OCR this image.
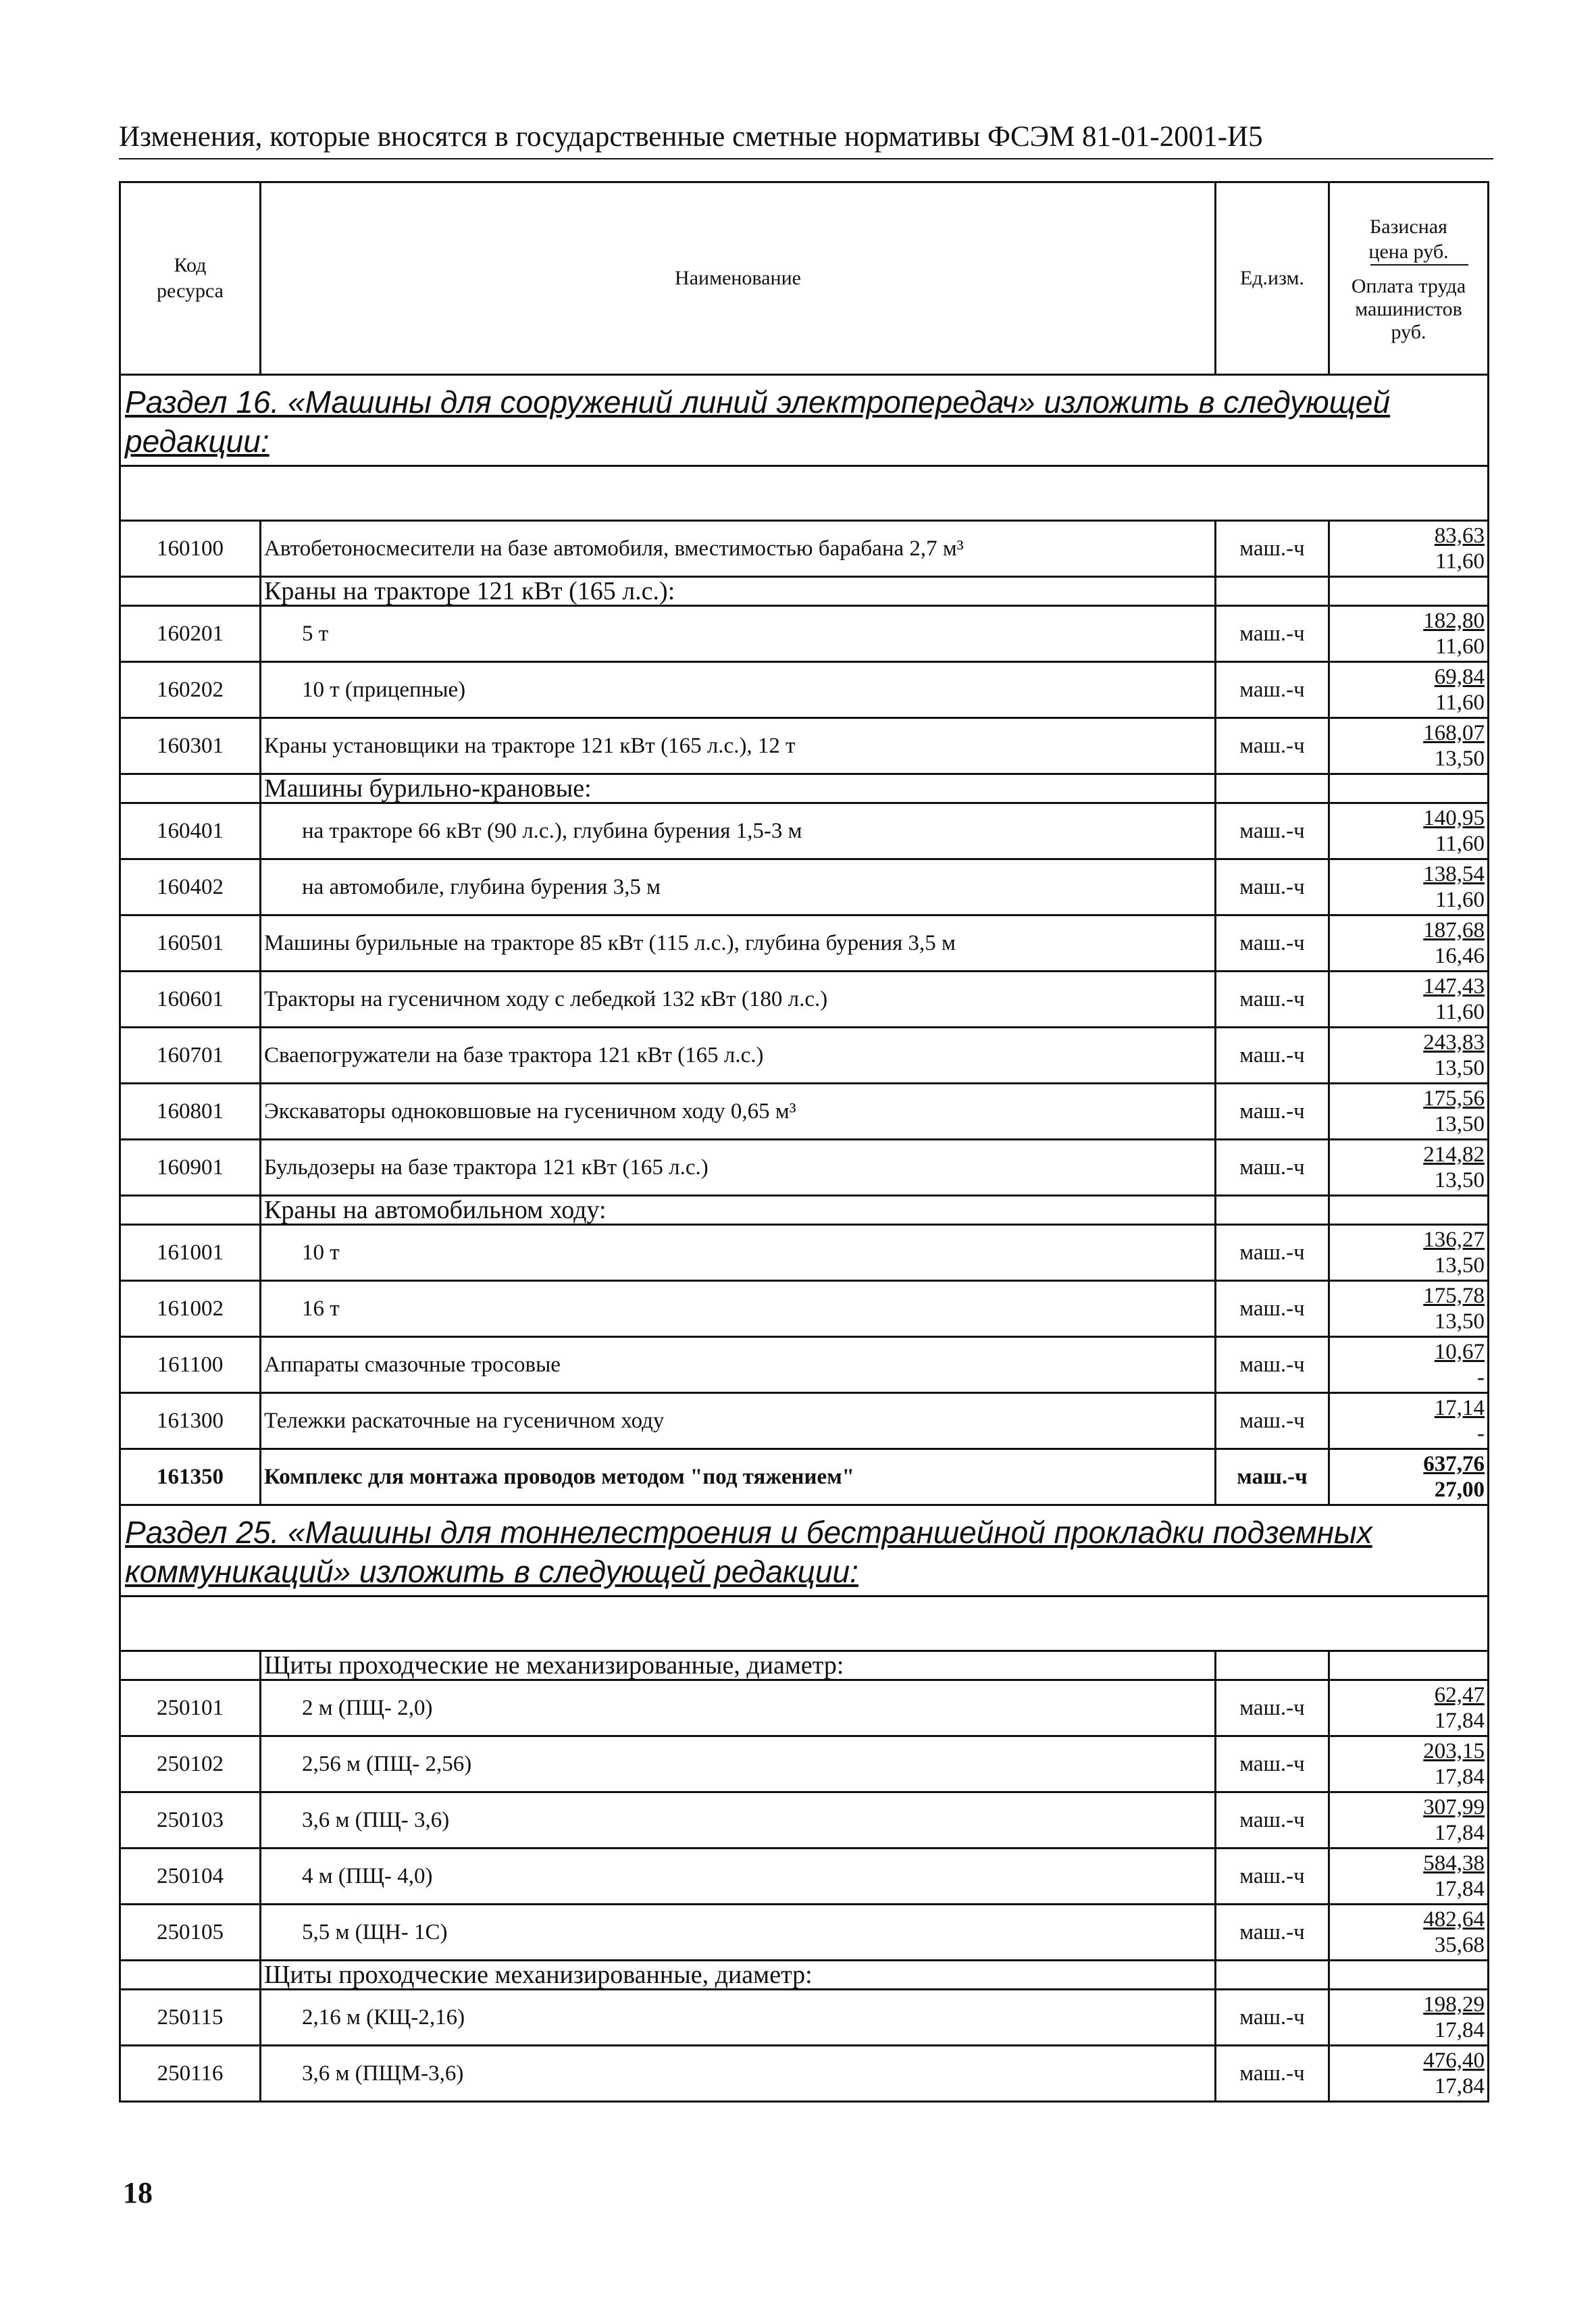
Изменения, которые вносятся в государственные сметные нормативы ФСЭМ 81-01-2001-И5
Код ресурса	Наименование	Ед.изм.	Базисная цена руб.
Оплата труда машинистов руб.

Раздел 16. «Машины для сооружений линий электропередач» изложить в следующей редакции:			

160100	Автобетоносмесители на базе автомобиля, вместимостью барабана 2,7 м³	маш.-ч	83,63
11,60

	Краны на тракторе 121 кВт (165 л.с.):		
160201	5 т	маш.-ч	182,80
11,60

160202	10 т (прицепные)	маш.-ч	69,84
11,60

160301	Краны установщики на тракторе 121 кВт (165 л.с.), 12 т	маш.-ч	168,07
13,50

	Машины бурильно-крановые:		
160401	на тракторе 66 кВт (90 л.с.), глубина бурения 1,5-3 м	маш.-ч	140,95
11,60

160402	на автомобиле, глубина бурения 3,5 м	маш.-ч	138,54
11,60

160501	Машины бурильные на тракторе 85 кВт (115 л.с.), глубина бурения 3,5 м	маш.-ч	187,68
16,46

160601	Тракторы на гусеничном ходу с лебедкой 132 кВт (180 л.с.)	маш.-ч	147,43
11,60

160701	Сваепогружатели на базе трактора 121 кВт (165 л.с.)	маш.-ч	243,83
13,50

160801	Экскаваторы одноковшовые на гусеничном ходу 0,65 м³	маш.-ч	175,56
13,50

160901	Бульдозеры на базе трактора 121 кВт (165 л.с.)	маш.-ч	214,82
13,50

	Краны на автомобильном ходу:		
161001	10 т	маш.-ч	136,27
13,50

161002	16 т	маш.-ч	175,78
13,50

161100	Аппараты смазочные тросовые	маш.-ч	10,67
-

161300	Тележки раскаточные на гусеничном ходу	маш.-ч	17,14
-

161350	Комплекс для монтажа проводов методом "под тяжением"	маш.-ч	637,76
27,00

Раздел 25. «Машины для тоннелестроения и бестраншейной прокладки подземных коммуникаций» изложить в следующей редакции:			

	Щиты проходческие не механизированные, диаметр:		
250101	2 м (ПЩ- 2,0)	маш.-ч	62,47
17,84

250102	2,56 м (ПЩ- 2,56)	маш.-ч	203,15
17,84

250103	3,6 м (ПЩ- 3,6)	маш.-ч	307,99
17,84

250104	4 м (ПЩ- 4,0)	маш.-ч	584,38
17,84

250105	5,5 м (ЩН- 1С)	маш.-ч	482,64
35,68

	Щиты проходческие механизированные, диаметр:		
250115	2,16 м (КЩ-2,16)	маш.-ч	198,29
17,84

250116	3,6 м (ПЩМ-3,6)	маш.-ч	476,40
17,84
18
